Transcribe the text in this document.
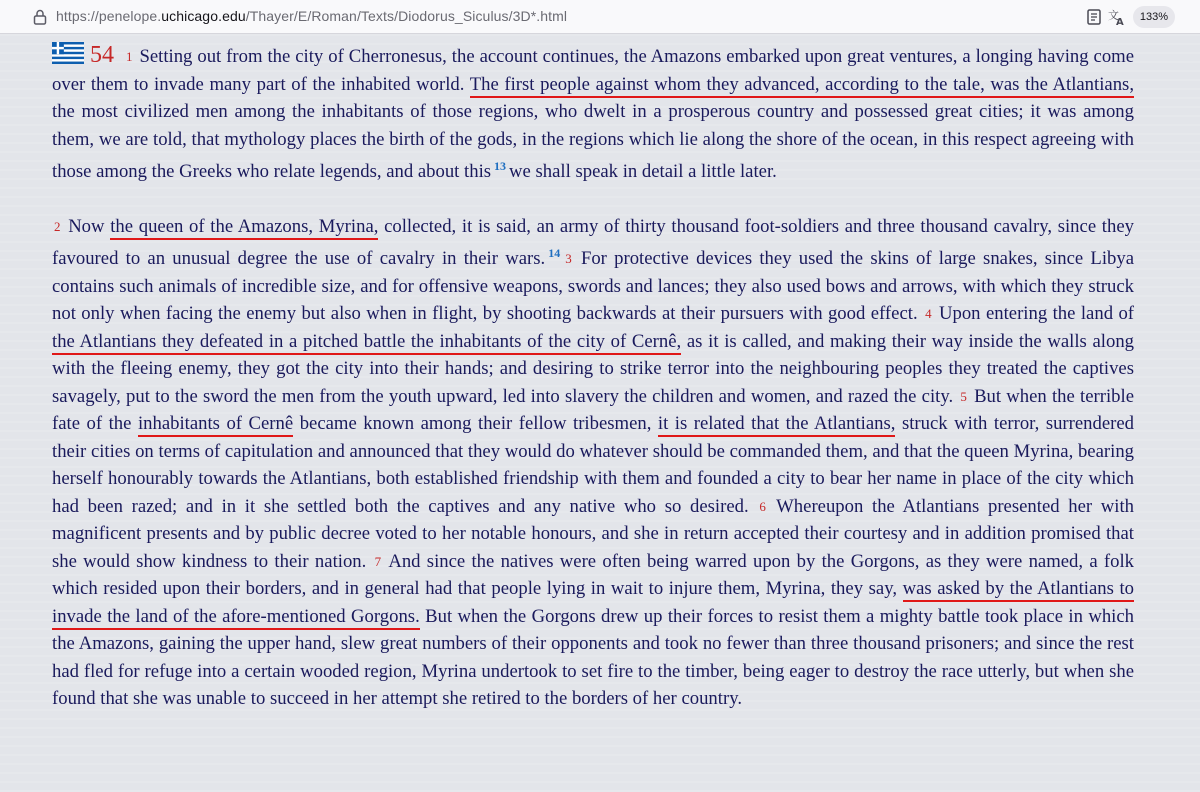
https://penelope.uchicago.edu/Thayer/E/Roman/Texts/Diodorus_Siculus/3D*.html	文
A	133%

54 1 Setting out from the city of Cherronesus, the account continues, the Amazons embarked upon great ventures, a longing having come over them to invade many part of the inhabited world. The first people against whom they advanced, according to the tale, was the Atlantians, the most civilized men among the inhabitants of those regions, who dwelt in a prosperous country and possessed great cities; it was among them, we are told, that mythology places the birth of the gods, in the regions which lie along the shore of the ocean, in this respect agreeing with those among the Greeks who relate legends, and about this $^{13}$ we shall speak in detail a little later.

2 Now the queen of the Amazons, Myrina, collected, it is said, an army of thirty thousand foot-soldiers and three thousand cavalry, since they favoured to an unusual degree the use of cavalry in their wars. $^{14}$ 3 For protective devices they used the skins of large snakes, since Libya contains such animals of incredible size, and for offensive weapons, swords and lances; they also used bows and arrows, with which they struck not only when facing the enemy but also when in flight, by shooting backwards at their pursuers with good effect. 4 Upon entering the land of the Atlantians they defeated in a pitched battle the inhabitants of the city of Cernê, as it is called, and making their way inside the walls along with the fleeing enemy, they got the city into their hands; and desiring to strike terror into the neighbouring peoples they treated the captives savagely, put to the sword the men from the youth upward, led into slavery the children and women, and razed the city. 5 But when the terrible fate of the inhabitants of Cernê became known among their fellow tribesmen, it is related that the Atlantians, struck with terror, surrendered their cities on terms of capitulation and announced that they would do whatever should be commanded them, and that the queen Myrina, bearing herself honourably towards the Atlantians, both established friendship with them and founded a city to bear her name in place of the city which had been razed; and in it she settled both the captives and any native who so desired. 6 Whereupon the Atlantians presented her with magnificent presents and by public decree voted to her notable honours, and she in return accepted their courtesy and in addition promised that she would show kindness to their nation. 7 And since the natives were often being warred upon by the Gorgons, as they were named, a folk which resided upon their borders, and in general had that people lying in wait to injure them, Myrina, they say, was asked by the Atlantians to invade the land of the afore-mentioned Gorgons. But when the Gorgons drew up their forces to resist them a mighty battle took place in which the Amazons, gaining the upper hand, slew great numbers of their opponents and took no fewer than three thousand prisoners; and since the rest had fled for refuge into a certain wooded region, Myrina undertook to set fire to the timber, being eager to destroy the race utterly, but when she found that she was unable to succeed in her attempt she retired to the borders of her country.
